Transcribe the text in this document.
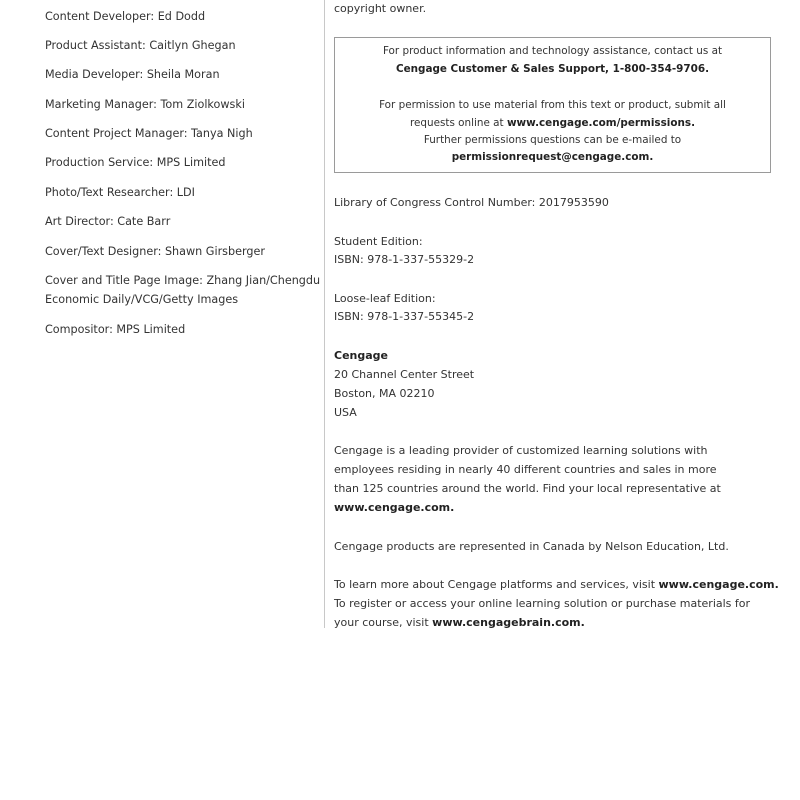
Content Developer: Ed Dodd
Product Assistant: Caitlyn Ghegan
Media Developer: Sheila Moran
Marketing Manager: Tom Ziolkowski
Content Project Manager: Tanya Nigh
Production Service: MPS Limited
Photo/Text Researcher: LDI
Art Director: Cate Barr
Cover/Text Designer: Shawn Girsberger
Cover and Title Page Image: Zhang Jian/Chengdu
Economic Daily/VCG/Getty Images
Compositor: MPS Limited
copyright owner.
For product information and technology assistance, contact us at
Cengage Customer & Sales Support, 1-800-354-9706.
For permission to use material from this text or product, submit all
requests online at www.cengage.com/permissions.
Further permissions questions can be e-mailed to
permissionrequest@cengage.com.
Library of Congress Control Number: 2017953590
Student Edition:
ISBN: 978-1-337-55329-2
Loose-leaf Edition:
ISBN: 978-1-337-55345-2
Cengage
20 Channel Center Street
Boston, MA 02210
USA
Cengage is a leading provider of customized learning solutions with
employees residing in nearly 40 different countries and sales in more
than 125 countries around the world. Find your local representative at
www.cengage.com.
Cengage products are represented in Canada by Nelson Education, Ltd.
To learn more about Cengage platforms and services, visit www.cengage.com.
To register or access your online learning solution or purchase materials for
your course, visit www.cengagebrain.com.
